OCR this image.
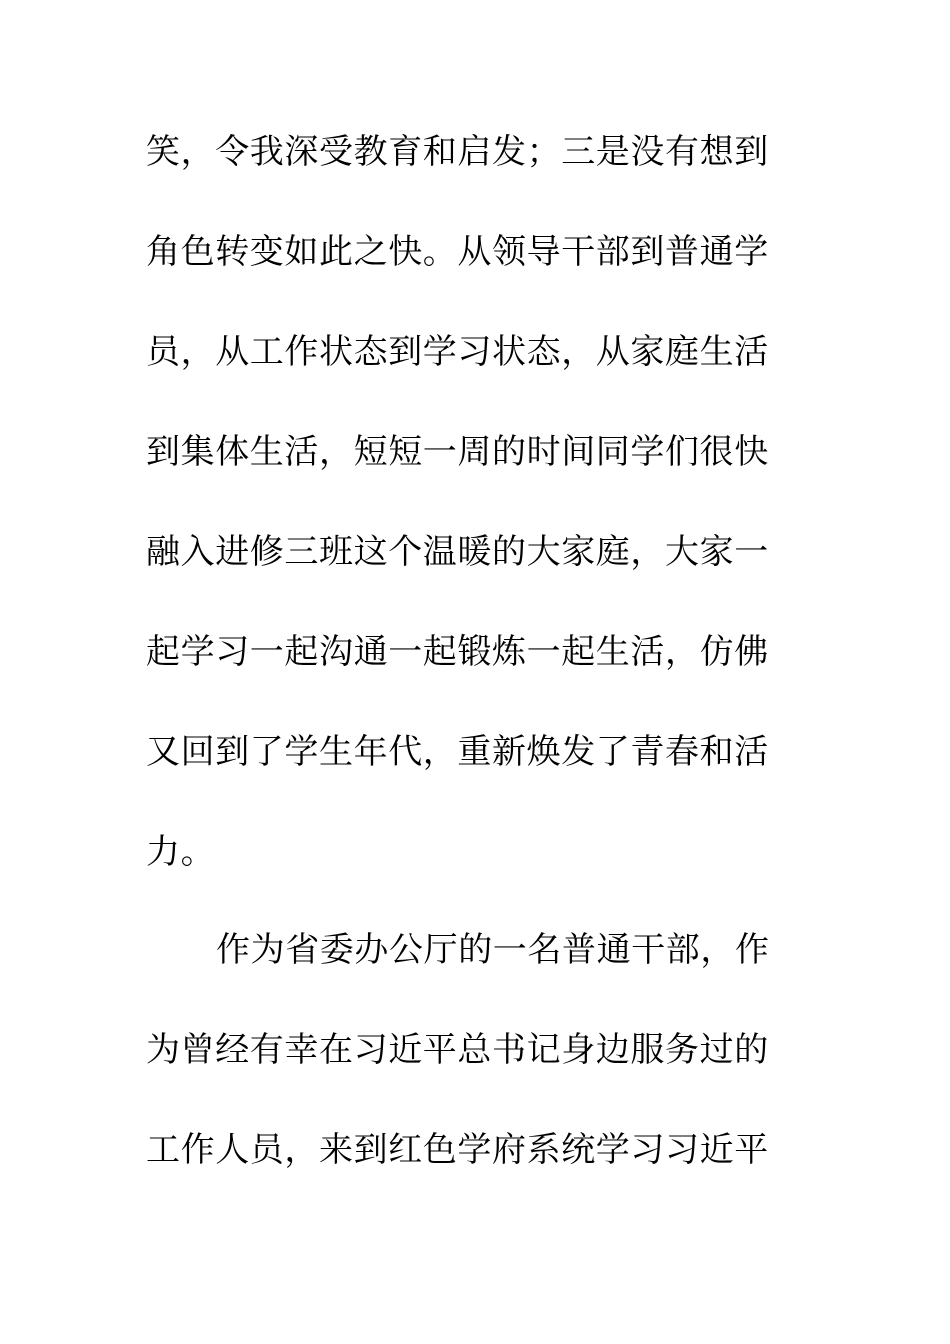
笑，令我深受教育和启发；三是没有想到
角色转变如此之快。从领导干部到普通学
员，从工作状态到学习状态，从家庭生活
到集体生活，短短一周的时间同学们很快
融入进修三班这个温暖的大家庭，大家一
起学习一起沟通一起锻炼一起生活，仿佛
又回到了学生年代，重新焕发了青春和活
力。
作为省委办公厅的一名普通干部，作
为曾经有幸在习近平总书记身边服务过的
工作人员，来到红色学府系统学习习近平
